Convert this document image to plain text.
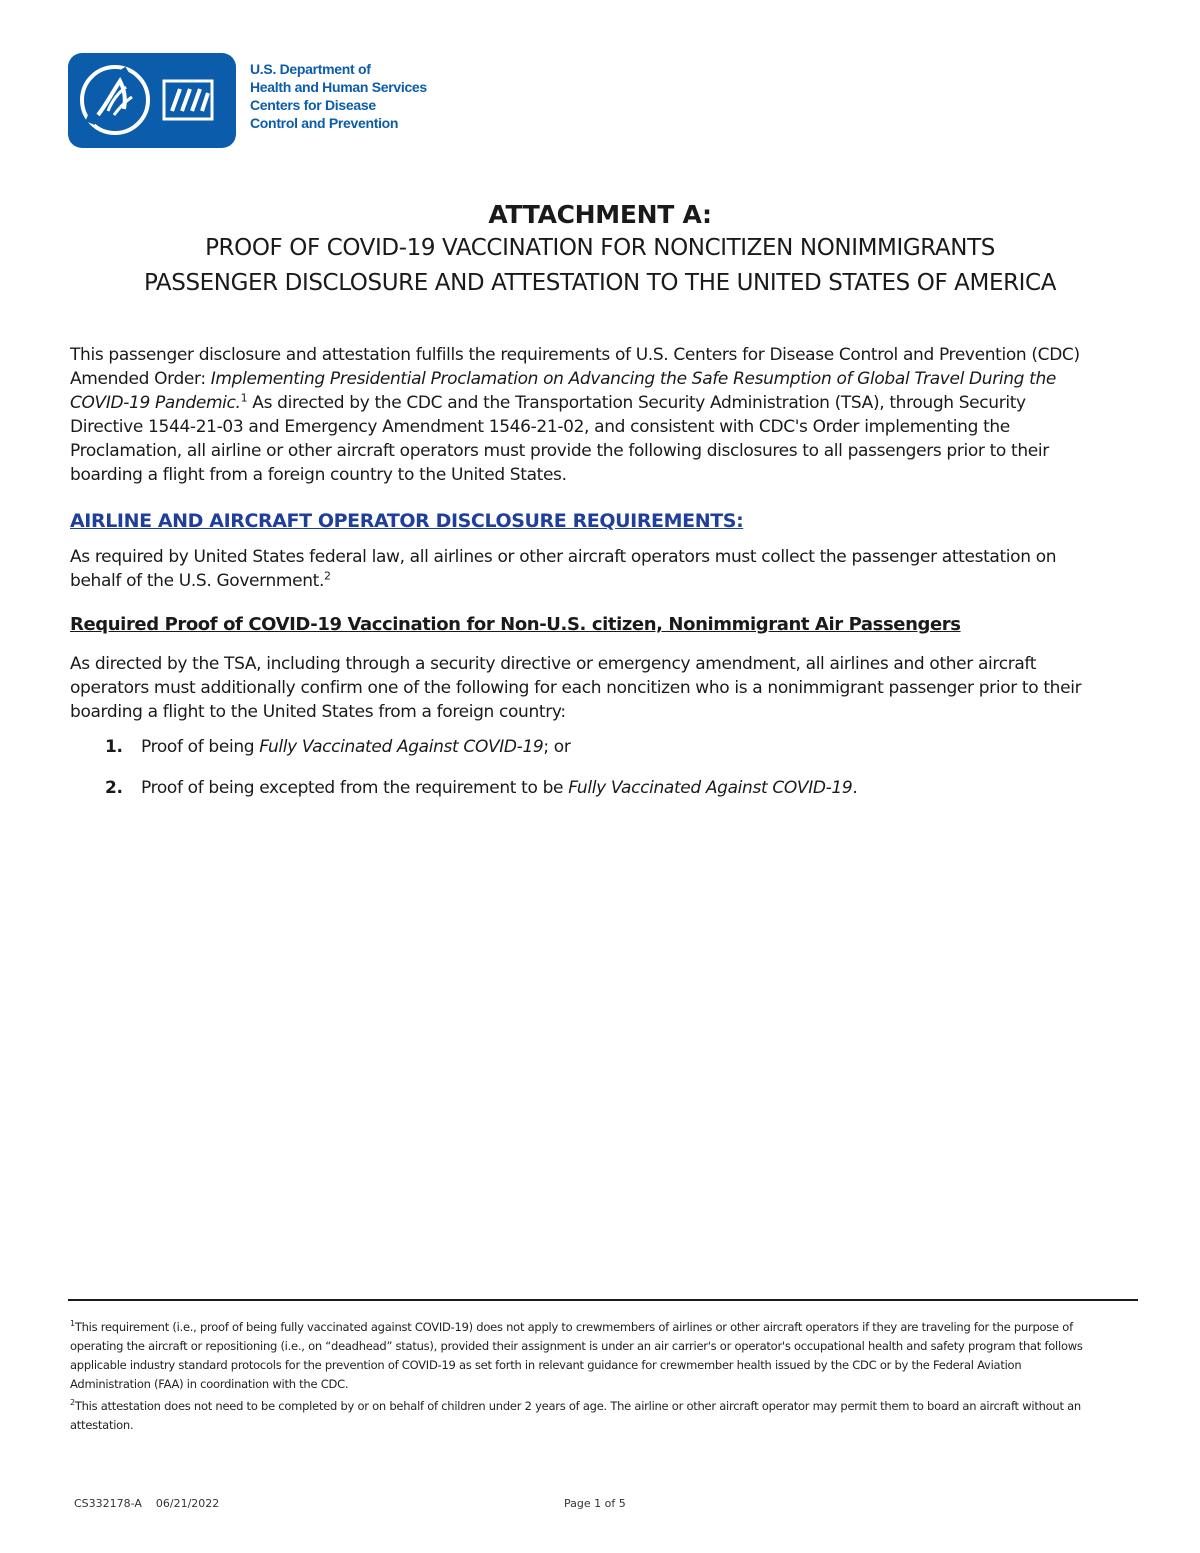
U.S. Department of
Health and Human Services
Centers for Disease
Control and Prevention
ATTACHMENT A:
PROOF OF COVID-19 VACCINATION FOR NONCITIZEN NONIMMIGRANTS
PASSENGER DISCLOSURE AND ATTESTATION TO THE UNITED STATES OF AMERICA
This passenger disclosure and attestation fulfills the requirements of U.S. Centers for Disease Control and Prevention (CDC) Amended Order: Implementing Presidential Proclamation on Advancing the Safe Resumption of Global Travel During the COVID-19 Pandemic.$^1$ As directed by the CDC and the Transportation Security Administration (TSA), through Security Directive 1544-21-03 and Emergency Amendment 1546-21-02, and consistent with CDC's Order implementing the Proclamation, all airline or other aircraft operators must provide the following disclosures to all passengers prior to their boarding a flight from a foreign country to the United States.
AIRLINE AND AIRCRAFT OPERATOR DISCLOSURE REQUIREMENTS:
As required by United States federal law, all airlines or other aircraft operators must collect the passenger attestation on behalf of the U.S. Government.$^2$
Required Proof of COVID-19 Vaccination for Non-U.S. citizen, Nonimmigrant Air Passengers
As directed by the TSA, including through a security directive or emergency amendment, all airlines and other aircraft operators must additionally confirm one of the following for each noncitizen who is a nonimmigrant passenger prior to their boarding a flight to the United States from a foreign country:
1. Proof of being Fully Vaccinated Against COVID-19; or
2. Proof of being excepted from the requirement to be Fully Vaccinated Against COVID-19.
$^1$This requirement (i.e., proof of being fully vaccinated against COVID-19) does not apply to crewmembers of airlines or other aircraft operators if they are traveling for the purpose of operating the aircraft or repositioning (i.e., on “deadhead” status), provided their assignment is under an air carrier's or operator's occupational health and safety program that follows applicable industry standard protocols for the prevention of COVID-19 as set forth in relevant guidance for crewmember health issued by the CDC or by the Federal Aviation Administration (FAA) in coordination with the CDC.
$^2$This attestation does not need to be completed by or on behalf of children under 2 years of age. The airline or other aircraft operator may permit them to board an aircraft without an attestation.
CS332178-A    06/21/2022	Page 1 of 5
